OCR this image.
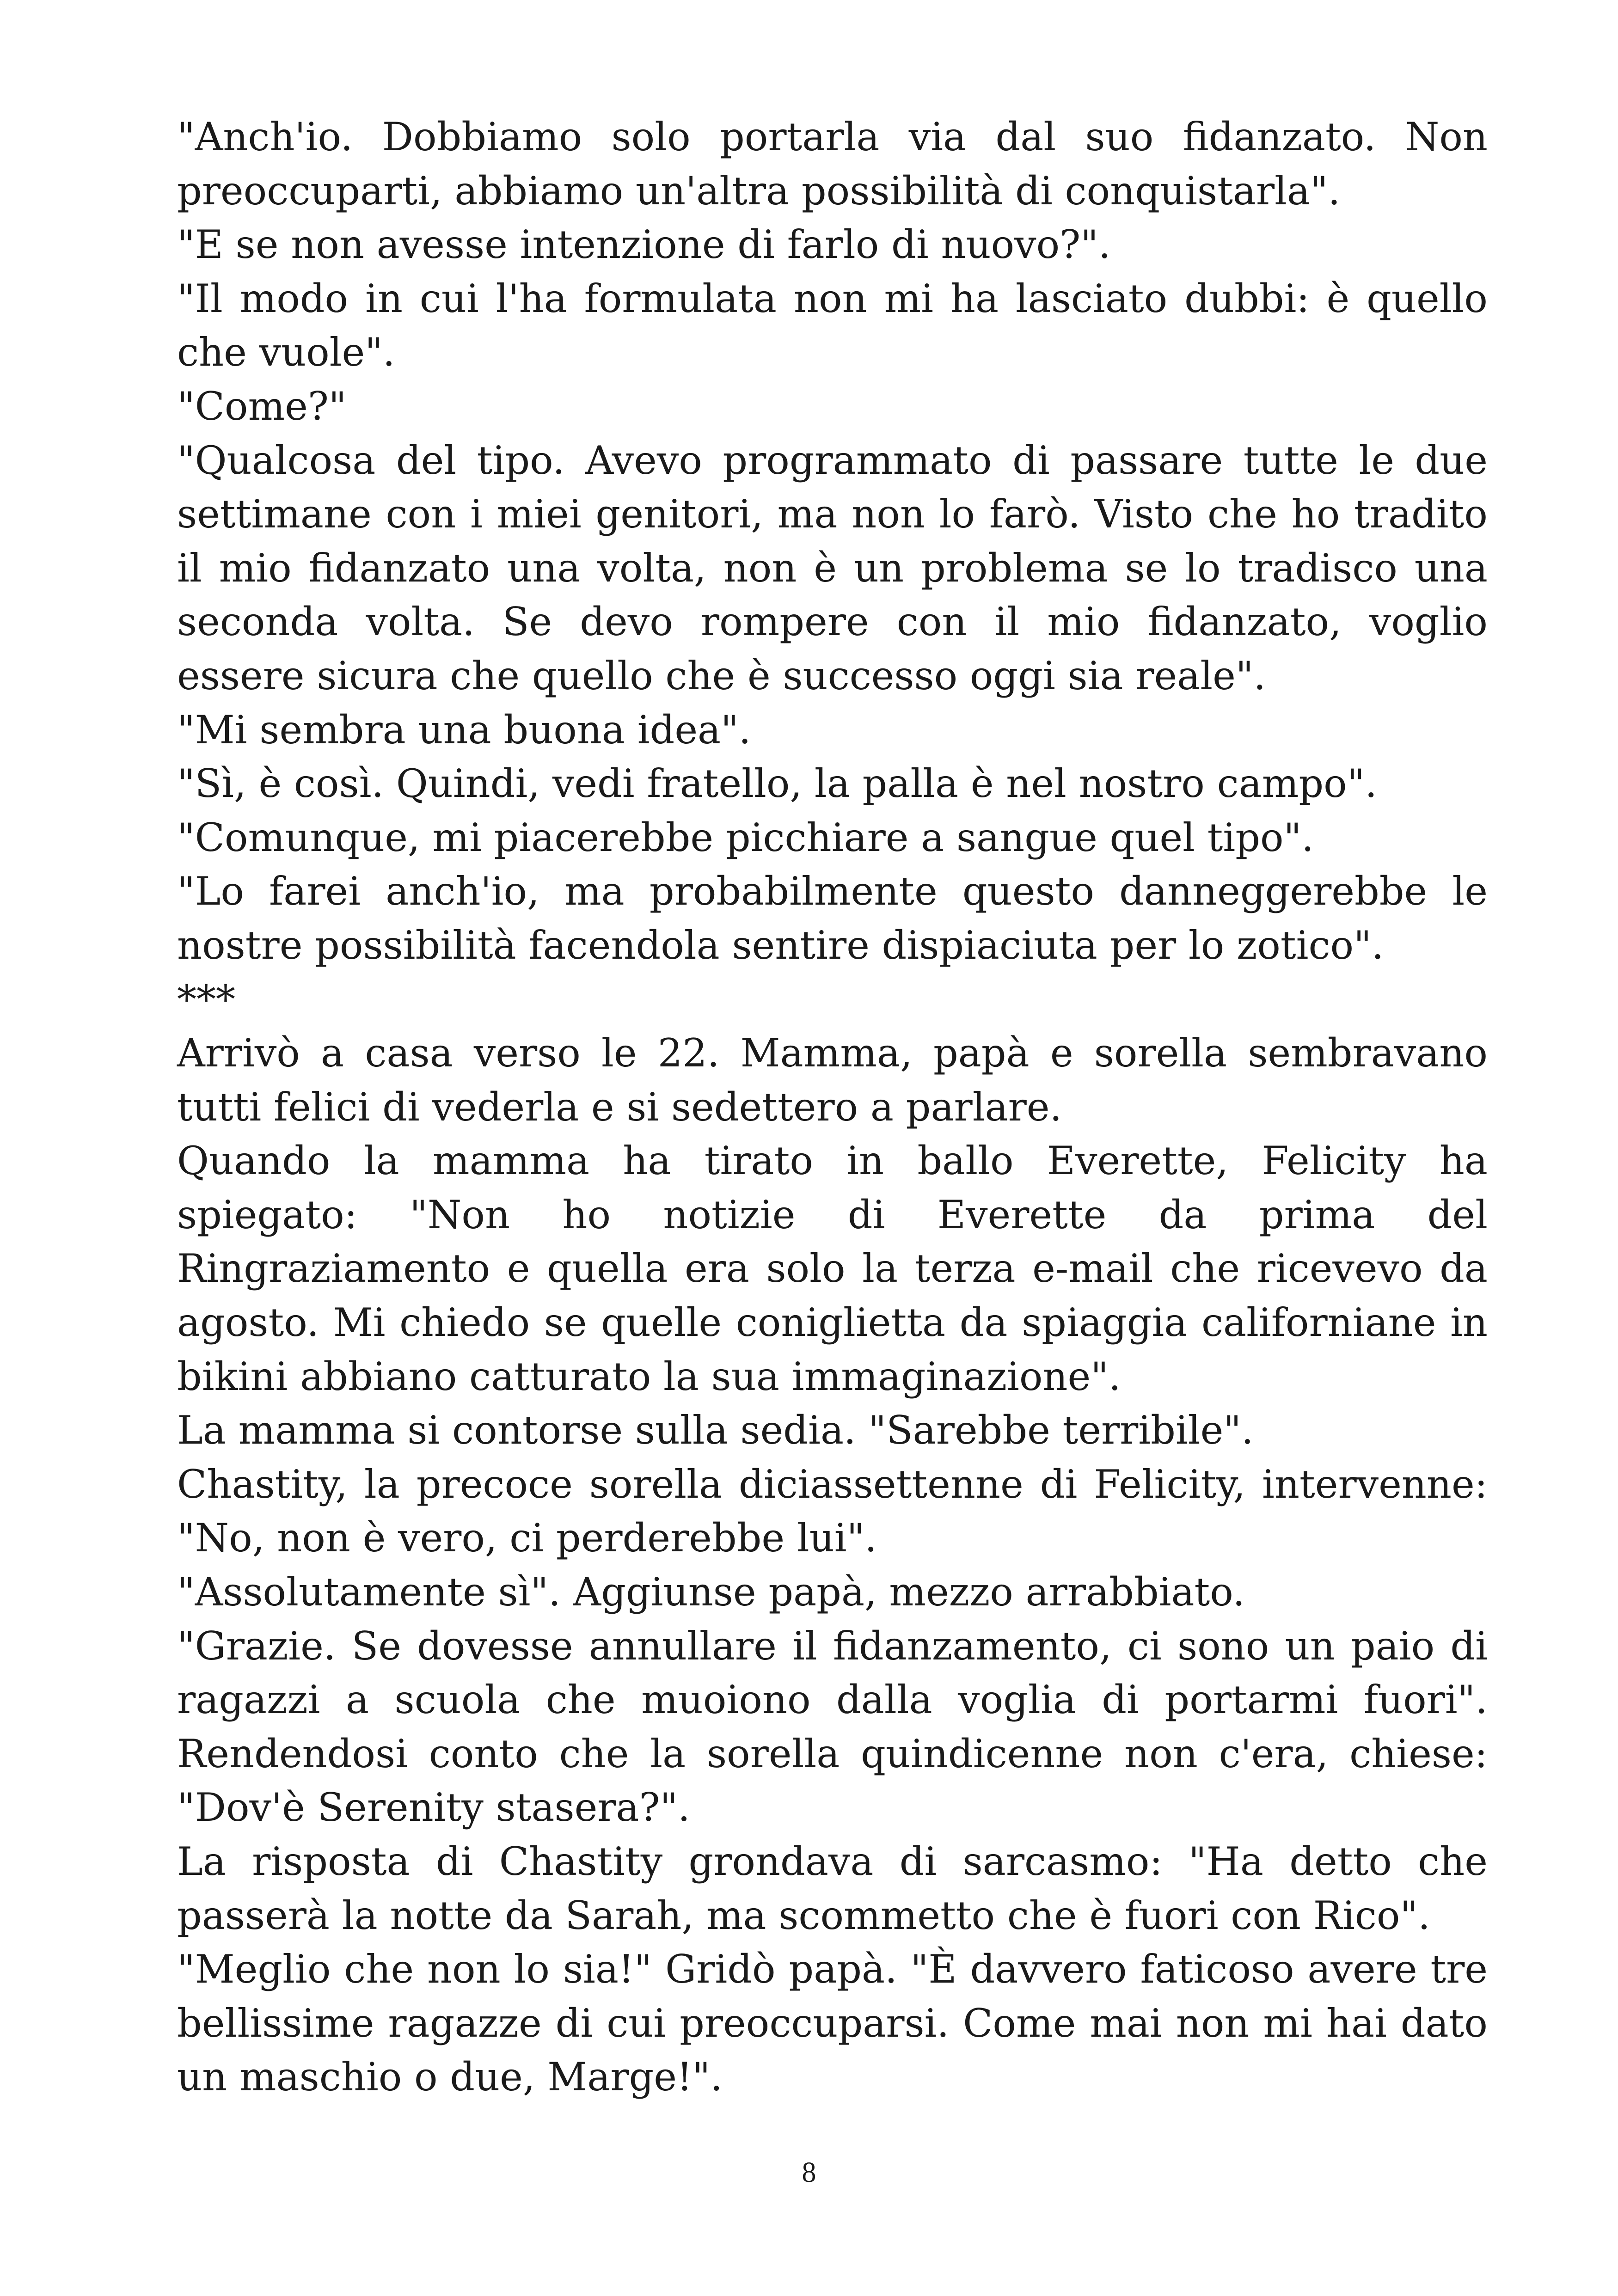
"Anch'io. Dobbiamo solo portarla via dal suo fidanzato. Non preoccuparti, abbiamo un'altra possibilità di conquistarla".

"E se non avesse intenzione di farlo di nuovo?".

"Il modo in cui l'ha formulata non mi ha lasciato dubbi: è quello che vuole".

"Come?"

"Qualcosa del tipo. Avevo programmato di passare tutte le due settimane con i miei genitori, ma non lo farò. Visto che ho tradito il mio fidanzato una volta, non è un problema se lo tradisco una seconda volta. Se devo rompere con il mio fidanzato, voglio essere sicura che quello che è successo oggi sia reale".

"Mi sembra una buona idea".

"Sì, è così. Quindi, vedi fratello, la palla è nel nostro campo".

"Comunque, mi piacerebbe picchiare a sangue quel tipo".

"Lo farei anch'io, ma probabilmente questo danneggerebbe le nostre possibilità facendola sentire dispiaciuta per lo zotico".

***

Arrivò a casa verso le 22. Mamma, papà e sorella sembravano tutti felici di vederla e si sedettero a parlare.

Quando la mamma ha tirato in ballo Everette, Felicity ha spiegato: "Non ho notizie di Everette da prima del Ringraziamento e quella era solo la terza e-mail che ricevevo da agosto. Mi chiedo se quelle coniglietta da spiaggia californiane in bikini abbiano catturato la sua immaginazione".

La mamma si contorse sulla sedia. "Sarebbe terribile".

Chastity, la precoce sorella diciassettenne di Felicity, intervenne: "No, non è vero, ci perderebbe lui".

"Assolutamente sì". Aggiunse papà, mezzo arrabbiato.

"Grazie. Se dovesse annullare il fidanzamento, ci sono un paio di ragazzi a scuola che muoiono dalla voglia di portarmi fuori". Rendendosi conto che la sorella quindicenne non c'era, chiese: "Dov'è Serenity stasera?".

La risposta di Chastity grondava di sarcasmo: "Ha detto che passerà la notte da Sarah, ma scommetto che è fuori con Rico".

"Meglio che non lo sia!" Gridò papà. "È davvero faticoso avere tre bellissime ragazze di cui preoccuparsi. Come mai non mi hai dato un maschio o due, Marge!".

8
